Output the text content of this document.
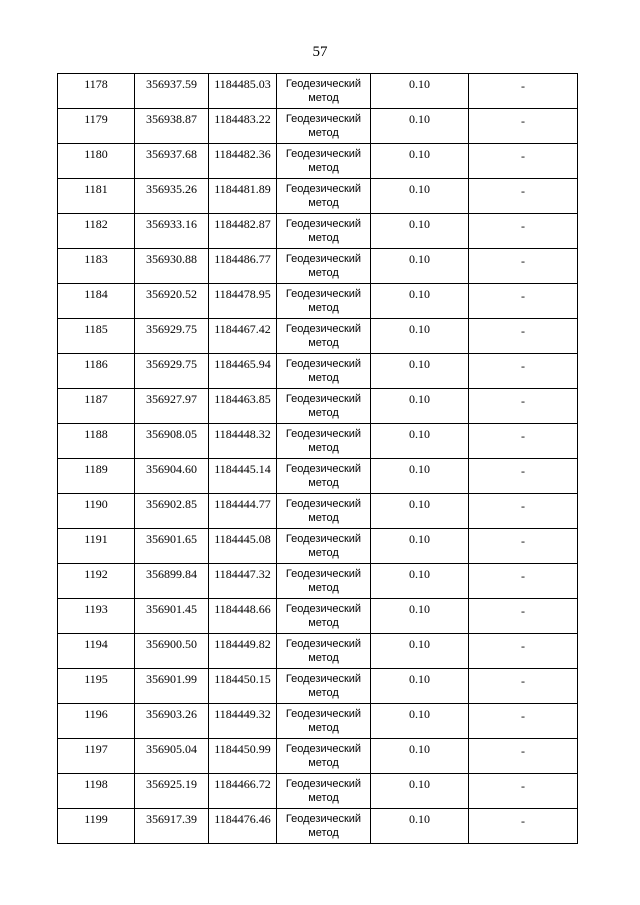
57
1178	356937.59	1184485.03	Геодезический метод	0.10	-
1179	356938.87	1184483.22	Геодезический метод	0.10	-
1180	356937.68	1184482.36	Геодезический метод	0.10	-
1181	356935.26	1184481.89	Геодезический метод	0.10	-
1182	356933.16	1184482.87	Геодезический метод	0.10	-
1183	356930.88	1184486.77	Геодезический метод	0.10	-
1184	356920.52	1184478.95	Геодезический метод	0.10	-
1185	356929.75	1184467.42	Геодезический метод	0.10	-
1186	356929.75	1184465.94	Геодезический метод	0.10	-
1187	356927.97	1184463.85	Геодезический метод	0.10	-
1188	356908.05	1184448.32	Геодезический метод	0.10	-
1189	356904.60	1184445.14	Геодезический метод	0.10	-
1190	356902.85	1184444.77	Геодезический метод	0.10	-
1191	356901.65	1184445.08	Геодезический метод	0.10	-
1192	356899.84	1184447.32	Геодезический метод	0.10	-
1193	356901.45	1184448.66	Геодезический метод	0.10	-
1194	356900.50	1184449.82	Геодезический метод	0.10	-
1195	356901.99	1184450.15	Геодезический метод	0.10	-
1196	356903.26	1184449.32	Геодезический метод	0.10	-
1197	356905.04	1184450.99	Геодезический метод	0.10	-
1198	356925.19	1184466.72	Геодезический метод	0.10	-
1199	356917.39	1184476.46	Геодезический метод	0.10	-
